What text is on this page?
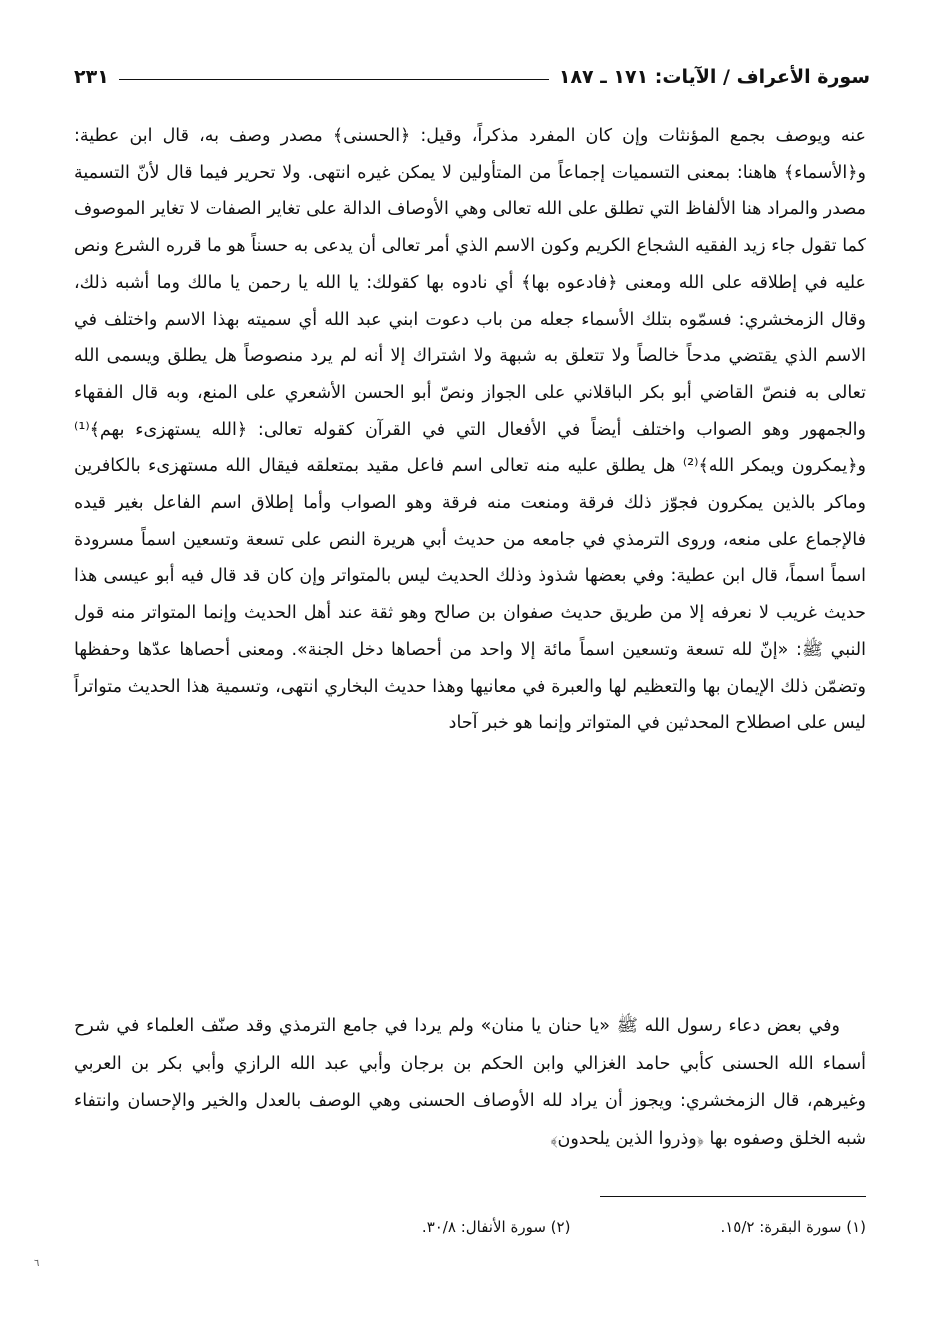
سورة الأعراف / الآيات: ١٧١ ـ ١٨٧
٢٣١

عنه ويوصف بجمع المؤنثات وإن كان المفرد مذكراً، وقيل: ﴿الحسنى﴾ مصدر وصف به، قال ابن عطية: و﴿الأسماء﴾ هاهنا: بمعنى التسميات إجماعاً من المتأولين لا يمكن غيره انتهى. ولا تحرير فيما قال لأنّ التسمية مصدر والمراد هنا الألفاظ التي تطلق على الله تعالى وهي الأوصاف الدالة على تغاير الصفات لا تغاير الموصوف كما تقول جاء زيد الفقيه الشجاع الكريم وكون الاسم الذي أمر تعالى أن يدعى به حسناً هو ما قرره الشرع ونص عليه في إطلاقه على الله ومعنى ﴿فادعوه بها﴾ أي نادوه بها كقولك: يا الله يا رحمن يا مالك وما أشبه ذلك، وقال الزمخشري: فسمّوه بتلك الأسماء جعله من باب دعوت ابني عبد الله أي سميته بهذا الاسم واختلف في الاسم الذي يقتضي مدحاً خالصاً ولا تتعلق به شبهة ولا اشتراك إلا أنه لم يرد منصوصاً هل يطلق ويسمى الله تعالى به فنصّ القاضي أبو بكر الباقلاني على الجواز ونصّ أبو الحسن الأشعري على المنع، وبه قال الفقهاء والجمهور وهو الصواب واختلف أيضاً في الأفعال التي في القرآن كقوله تعالى: ﴿الله يستهزىء بهم﴾⁽¹⁾ و﴿يمكرون ويمكر الله﴾⁽²⁾ هل يطلق عليه منه تعالى اسم فاعل مقيد بمتعلقه فيقال الله مستهزىء بالكافرين وماكر بالذين يمكرون فجوّز ذلك فرقة ومنعت منه فرقة وهو الصواب وأما إطلاق اسم الفاعل بغير قيده فالإجماع على منعه، وروى الترمذي في جامعه من حديث أبي هريرة النص على تسعة وتسعين اسماً مسرودة اسماً اسماً، قال ابن عطية: وفي بعضها شذوذ وذلك الحديث ليس بالمتواتر وإن كان قد قال فيه أبو عيسى هذا حديث غريب لا نعرفه إلا من طريق حديث صفوان بن صالح وهو ثقة عند أهل الحديث وإنما المتواتر منه قول النبي ﷺ: «إنّ لله تسعة وتسعين اسماً مائة إلا واحد من أحصاها دخل الجنة». ومعنى أحصاها عدّها وحفظها وتضمّن ذلك الإيمان بها والتعظيم لها والعبرة في معانيها وهذا حديث البخاري انتهى، وتسمية هذا الحديث متواتراً ليس على اصطلاح المحدثين في المتواتر وإنما هو خبر آحاد

وفي بعض دعاء رسول الله ﷺ «يا حنان يا منان» ولم يردا في جامع الترمذي وقد صنّف العلماء في شرح أسماء الله الحسنى كأبي حامد الغزالي وابن الحكم بن برجان وأبي عبد الله الرازي وأبي بكر بن العربي وغيرهم، قال الزمخشري: ويجوز أن يراد لله الأوصاف الحسنى وهي الوصف بالعدل والخير والإحسان وانتفاء شبه الخلق وصفوه بها ﴿وذروا الذين يلحدون﴾
(١) سورة البقرة: ١٥/٢.
(٢) سورة الأنفال: ٣٠/٨.
٦
